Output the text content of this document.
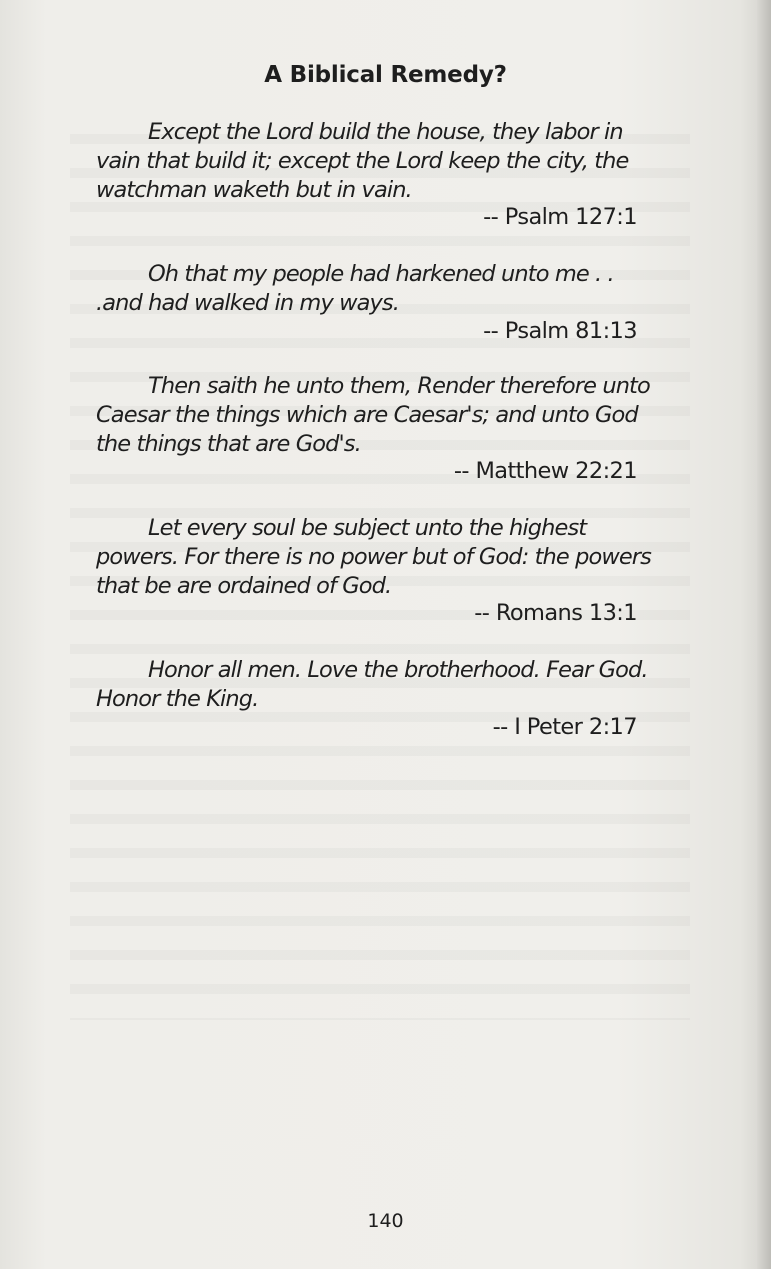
A Biblical Remedy?
Except the Lord build the house, they labor in vain that build it; except the Lord keep the city, the watchman waketh but in vain.
-- Psalm 127:1
Oh that my people had harkened unto me . . .and had walked in my ways.
-- Psalm 81:13
Then saith he unto them, Render therefore unto Caesar the things which are Caesar's; and unto God the things that are God's.
-- Matthew 22:21
Let every soul be subject unto the highest powers. For there is no power but of God: the powers that be are ordained of God.
-- Romans 13:1
Honor all men. Love the brotherhood. Fear God. Honor the King.
-- I Peter 2:17
140
